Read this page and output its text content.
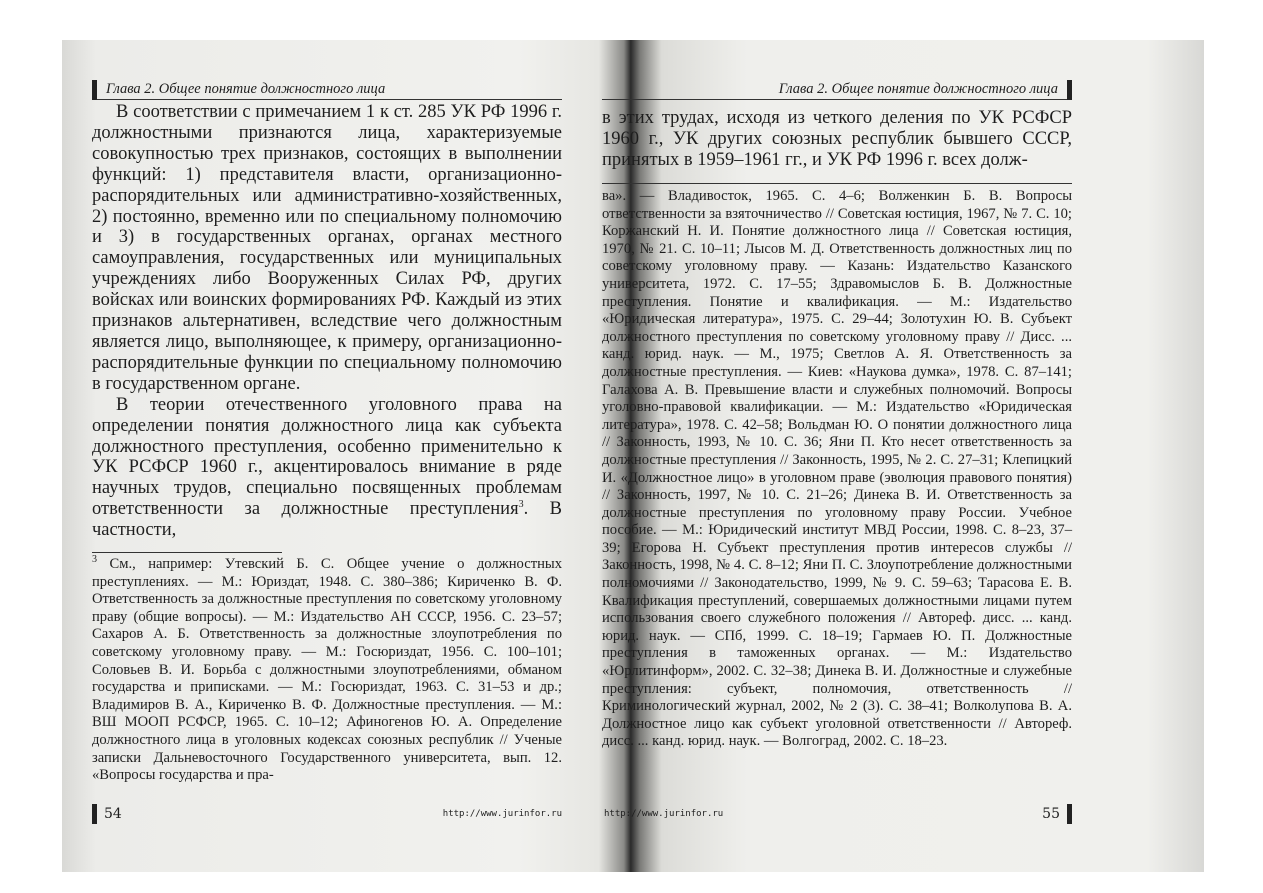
Глава 2. Общее понятие должностного лица

В соответствии с примечанием 1 к ст. 285 УК РФ 1996 г. должностными признаются лица, характеризуемые совокупностью трех признаков, состоящих в выполнении функций: 1) представителя власти, организационно-распорядительных или административно-хозяйственных, 2) постоянно, временно или по специальному полномочию и 3) в государственных органах, органах местного самоуправления, государственных или муниципальных учреждениях либо Вооруженных Силах РФ, других войсках или воинских формированиях РФ. Каждый из этих признаков альтернативен, вследствие чего должностным является лицо, выполняющее, к примеру, организационно-распорядительные функции по специальному полномочию в государственном органе.

В теории отечественного уголовного права на определении понятия должностного лица как субъекта должностного преступления, особенно применительно к УК РСФСР 1960 г., акцентировалось внимание в ряде научных трудов, специально посвященных проблемам ответственности за должностные преступления$^3$. В частности,

$^3$ См., например: Утевский Б. С. Общее учение о должностных преступлениях. — М.: Юриздат, 1948. С. 380–386; Кириченко В. Ф. Ответственность за должностные преступления по советскому уголовному праву (общие вопросы). — М.: Издательство АН СССР, 1956. С. 23–57; Сахаров А. Б. Ответственность за должностные злоупотребления по советскому уголовному праву. — М.: Госюриздат, 1956. С. 100–101; Соловьев В. И. Борьба с должностными злоупотреблениями, обманом государства и приписками. — М.: Госюриздат, 1963. С. 31–53 и др.; Владимиров В. А., Кириченко В. Ф. Должностные преступления. — М.: ВШ МООП РСФСР, 1965. С. 10–12; Афиногенов Ю. А. Определение должностного лица в уголовных кодексах союзных республик // Ученые записки Дальневосточного Государственного университета, вып. 12. «Вопросы государства и пра-
54	http://www.jurinfor.ru
Глава 2. Общее понятие должностного лица

в этих трудах, исходя из четкого деления по УК РСФСР 1960 г., УК других союзных республик бывшего СССР, принятых в 1959–1961 гг., и УК РФ 1996 г. всех долж-

ва». — Владивосток, 1965. С. 4–6; Волженкин Б. В. Вопросы ответственности за взяточничество // Советская юстиция, 1967, № 7. С. 10; Коржанский Н. И. Понятие должностного лица // Советская юстиция, 1970, № 21. С. 10–11; Лысов М. Д. Ответственность должностных лиц по советскому уголовному праву. — Казань: Издательство Казанского университета, 1972. С. 17–55; Здравомыслов Б. В. Должностные преступления. Понятие и квалификация. — М.: Издательство «Юридическая литература», 1975. С. 29–44; Золотухин Ю. В. Субъект должностного преступления по советскому уголовному праву // Дисс. ... канд. юрид. наук. — М., 1975; Светлов А. Я. Ответственность за должностные преступления. — Киев: «Наукова думка», 1978. С. 87–141; Галахова А. В. Превышение власти и служебных полномочий. Вопросы уголовно-правовой квалификации. — М.: Издательство «Юридическая литература», 1978. С. 42–58; Вольдман Ю. О понятии должностного лица // Законность, 1993, № 10. С. 36; Яни П. Кто несет ответственность за должностные преступления // Законность, 1995, № 2. С. 27–31; Клепицкий И. «Должностное лицо» в уголовном праве (эволюция правового понятия) // Законность, 1997, № 10. С. 21–26; Динека В. И. Ответственность за должностные преступления по уголовному праву России. Учебное пособие. — М.: Юридический институт МВД России, 1998. С. 8–23, 37–39; Егорова Н. Субъект преступления против интересов службы // Законность, 1998, № 4. С. 8–12; Яни П. С. Злоупотребление должностными полномочиями // Законодательство, 1999, № 9. С. 59–63; Тарасова Е. В. Квалификация преступлений, совершаемых должностными лицами путем использования своего служебного положения // Автореф. дисс. ... канд. юрид. наук. — СПб, 1999. С. 18–19; Гармаев Ю. П. Должностные преступления в таможенных органах. — М.: Издательство «Юрлитинформ», 2002. С. 32–38; Динека В. И. Должностные и служебные преступления: субъект, полномочия, ответственность // Криминологический журнал, 2002, № 2 (3). С. 38–41; Волколупова В. А. Должностное лицо как субъект уголовной ответственности // Автореф. дисс. ... канд. юрид. наук. — Волгоград, 2002. С. 18–23.
http://www.jurinfor.ru	55
